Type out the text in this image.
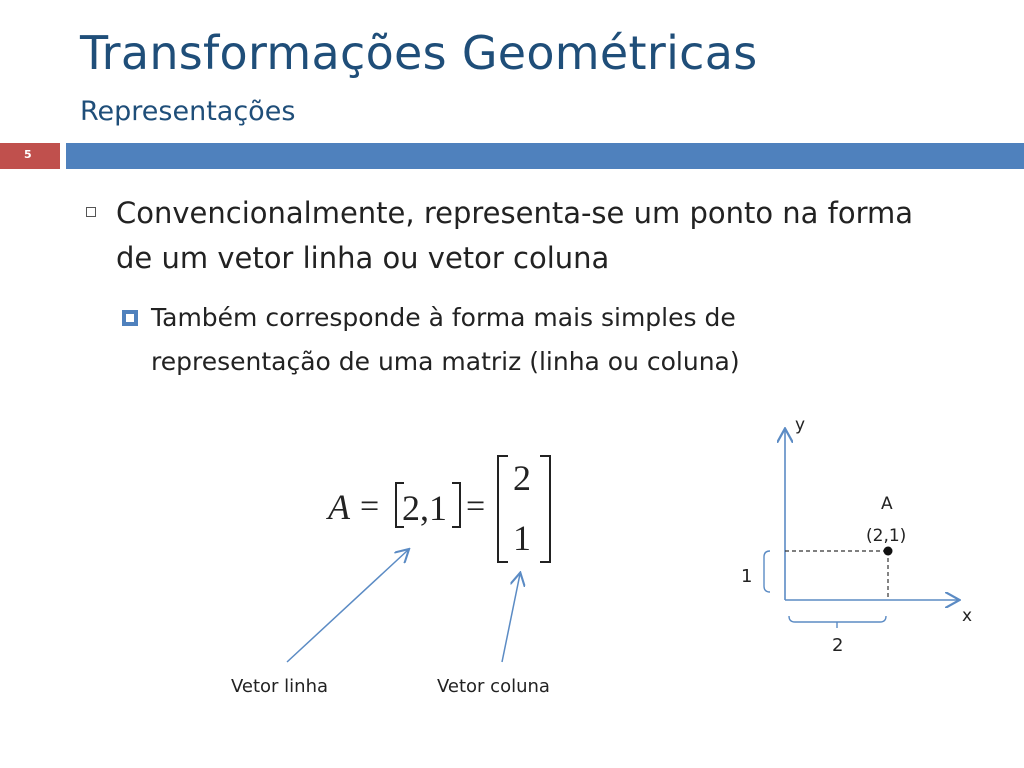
Transformações Geométricas
Representações
5
Convencionalmente, representa-se um ponto na forma de um vetor linha ou vetor coluna
Também corresponde à forma mais simples de representação de uma matriz (linha ou coluna)
A = 2,1 =
2
1
Vetor linha	Vetor coluna
y
x
A
(2,1)
1
2
